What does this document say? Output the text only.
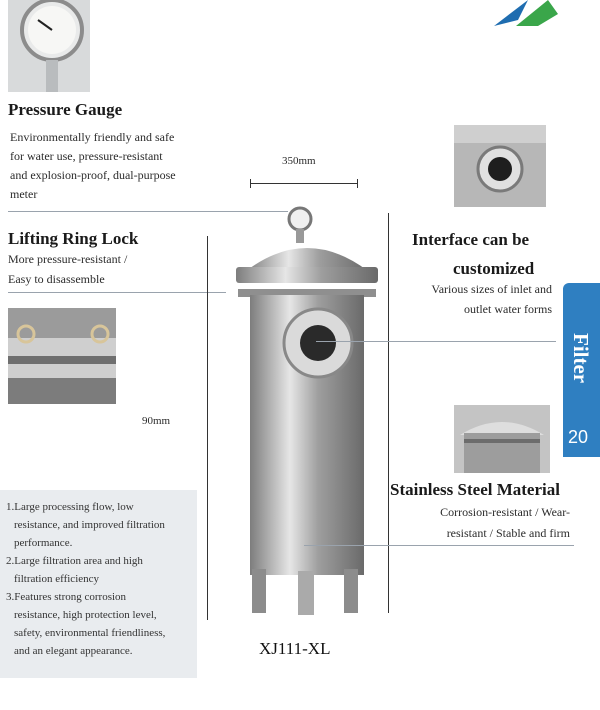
Pressure Gauge
Environmentally friendly and safe
for water use, pressure-resistant
and explosion-proof, dual-purpose
meter
350mm
Lifting Ring Lock
More pressure-resistant /
Easy to disassemble
90mm
1.Large processing flow, low
resistance, and improved filtration
performance.
2.Large filtration area and high
filtration efficiency
3.Features strong corrosion
resistance, high protection level,
safety, environmental friendliness,
and an elegant appearance.	XJ111-XL
Interface can be
customized
Various sizes of inlet and
outlet water forms
Filter
20
Stainless Steel Material
Corrosion-resistant / Wear-
resistant / Stable and firm
